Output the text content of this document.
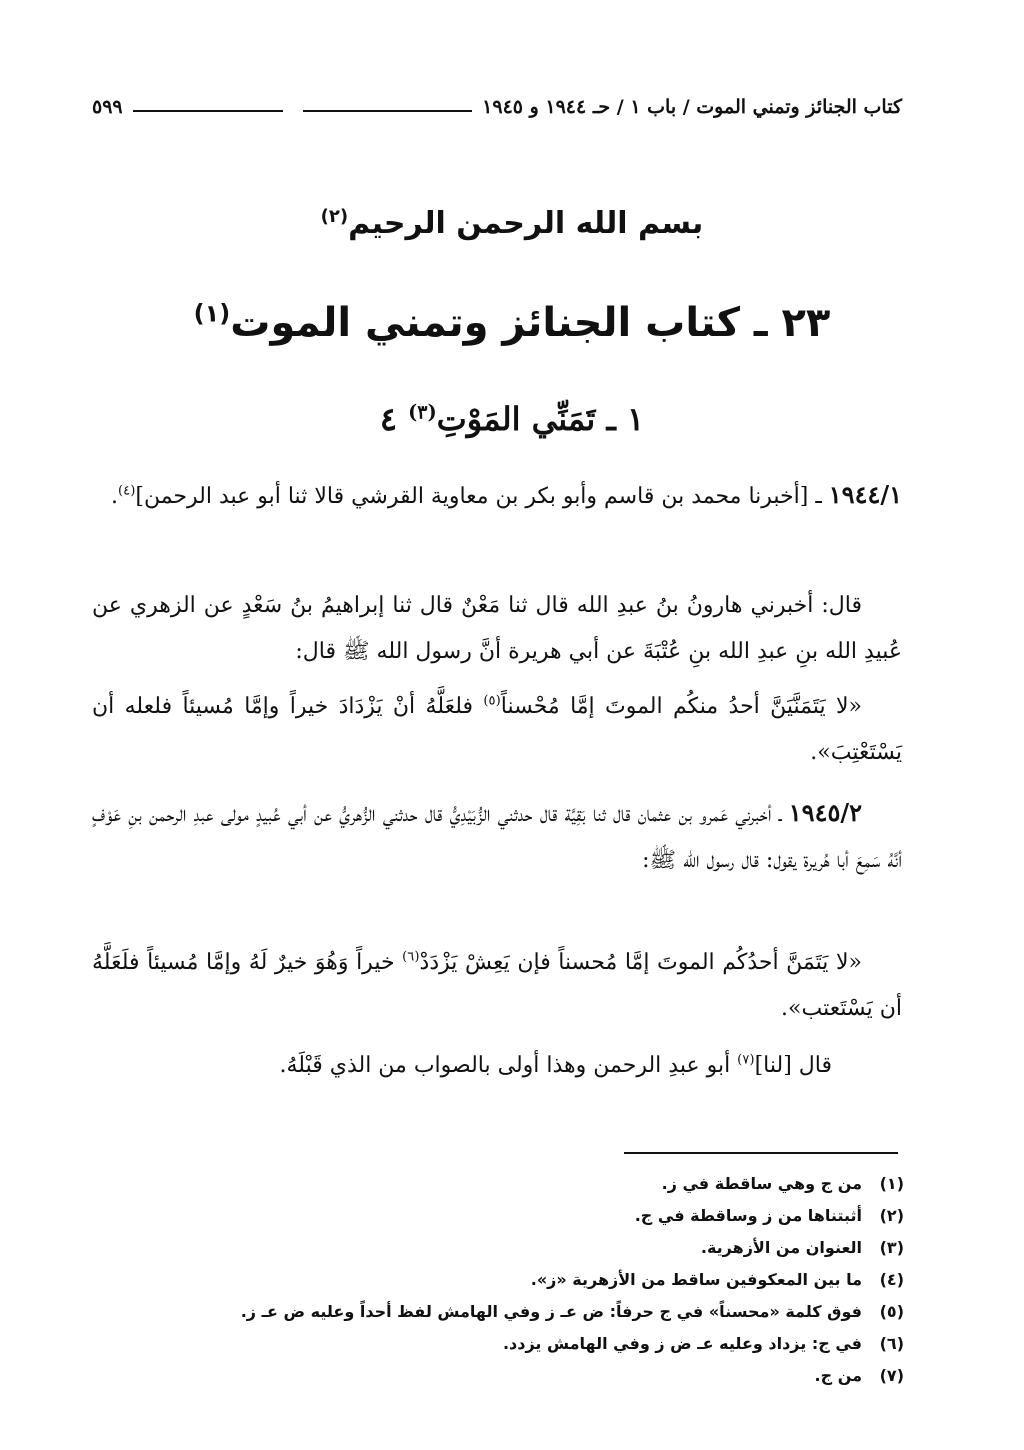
كتاب الجنائز وتمني الموت / باب ١ / حـ ١٩٤٤ و ١٩٤٥
٥٩٩
بسم الله الرحمن الرحيم$^{(٢)}$
٢٣ ـ كتاب الجنائز وتمني الموت$^{(١)}$
١ ـ تَمَنِّي المَوْتِ$^{(٣)}$ ٤

١٩٤٤/١ ـ [أخبرنا محمد بن قاسم وأبو بكر بن معاوية القرشي قالا ثنا أبو عبد الرحمن]$^{(٤)}$.

قال: أخبرني هارونُ بنُ عبدِ الله قال ثنا مَعْنٌ قال ثنا إبراهيمُ بنُ سَعْدٍ عن الزهري عن عُبيدِ الله بنِ عبدِ الله بنِ عُتْبَةَ عن أبي هريرة أنَّ رسول الله ﷺ قال:

«لا يَتَمَنَّيَنَّ أحدُ منكُم الموتَ إمَّا مُحْسناً$^{(٥)}$ فلعَلَّهُ أنْ يَزْدَادَ خيراً وإمَّا مُسيئاً فلعله أن يَسْتَعْتِبَ».

١٩٤٥/٢ ـ أخبرني عَمرو بن عثمان قال ثنا بَقِيَّة قال حدثني الزُّبَيْدِيُّ قال حدثني الزُّهريُّ عن أبي عُبيدٍ مولى عبدِ الرحمن بنِ عَوْفٍ أنَّهُ سَمِعَ أبا هُريرة يقول: قال رسول الله ﷺ:

«لا يَتَمَنَّ أحدُكُم الموتَ إمَّا مُحسناً فإن يَعِشْ يَزْدَدْ$^{(٦)}$ خيراً وَهُوَ خيرٌ لَهُ وإمَّا مُسيئاً فلَعَلَّهُ أن يَسْتَعتب».

قال [لنا]$^{(٧)}$ أبو عبدِ الرحمن وهذا أولى بالصواب من الذي قَبْلَهُ.

(١)
من ج وهي ساقطة في ز.
(٢)
أثبتناها من ز وساقطة في ج.
(٣)
العنوان من الأزهرية.
(٤)
ما بين المعكوفين ساقط من الأزهرية «ز».
(٥)
فوق كلمة «محسناً» في ج حرفاً: ض عـ ز وفي الهامش لفظ أحداً وعليه ض عـ ز.
(٦)
في ج: يزداد وعليه عـ ض ز وفي الهامش يزدد.
(٧)
من ج.
